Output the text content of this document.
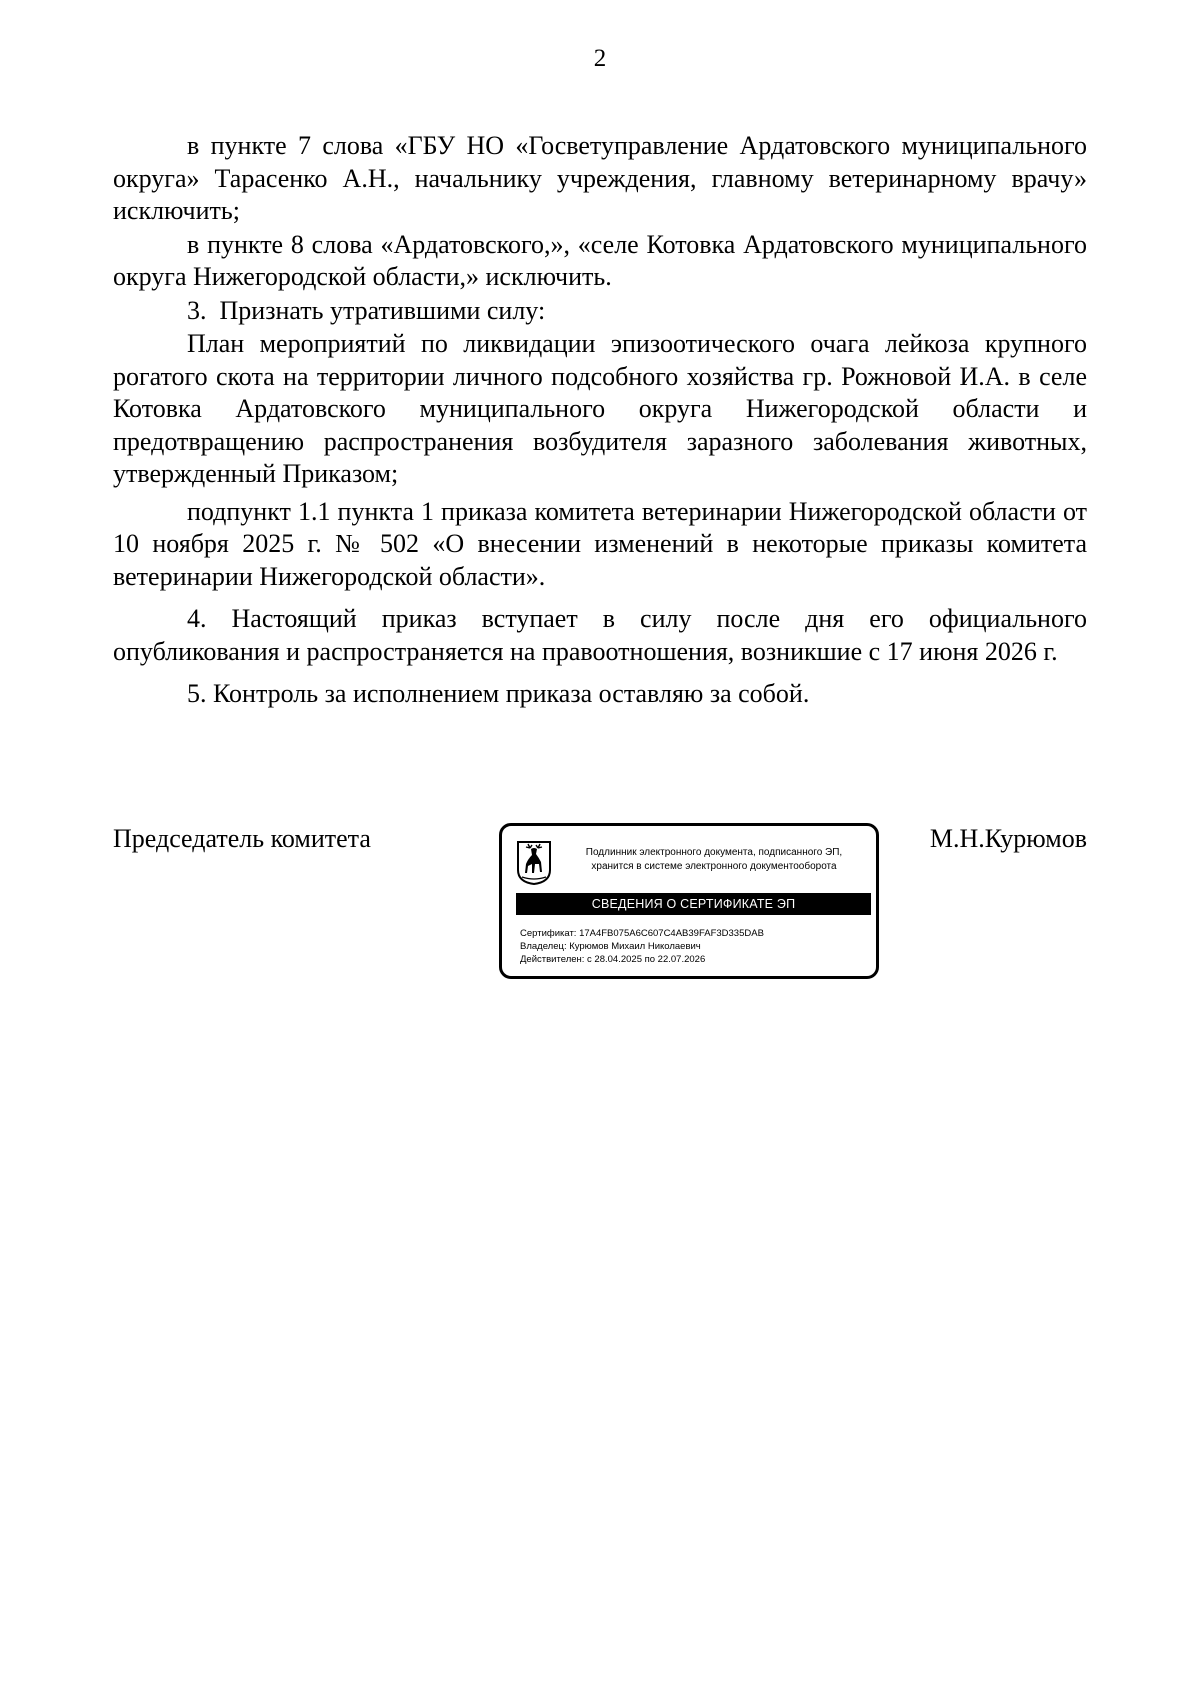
2

в пункте 7 слова «ГБУ НО «Госветуправление Ардатовского муниципального округа» Тарасенко А.Н., начальнику учреждения, главному ветеринарному врачу» исключить;

в пункте 8 слова «Ардатовского,», «селе Котовка Ардатовского муниципального округа Нижегородской области,» исключить.

3.  Признать утратившими силу:

План мероприятий по ликвидации эпизоотического очага лейкоза крупного рогатого скота на территории личного подсобного хозяйства гр. Рожновой И.А. в селе Котовка Ардатовского муниципального округа Нижегородской области и предотвращению распространения возбудителя заразного заболевания животных, утвержденный Приказом;

подпункт 1.1 пункта 1 приказа комитета ветеринарии Нижегородской области от 10 ноября 2025 г. № 502 «О внесении изменений в некоторые приказы комитета ветеринарии Нижегородской области».

4. Настоящий приказ вступает в силу после дня его официального опубликования и распространяется на правоотношения, возникшие с 17 июня 2026 г.

5. Контроль за исполнением приказа оставляю за собой.

Председатель комитета	Подлинник электронного документа, подписанного ЭП,
хранится в системе электронного документооборота
СВЕДЕНИЯ О СЕРТИФИКАТЕ ЭП
Сертификат: 17A4FB075A6C607C4AB39FAF3D335DAB
Владелец: Курюмов Михаил Николаевич
Действителен: с 28.04.2025 по 22.07.2026
М.Н.Курюмов
